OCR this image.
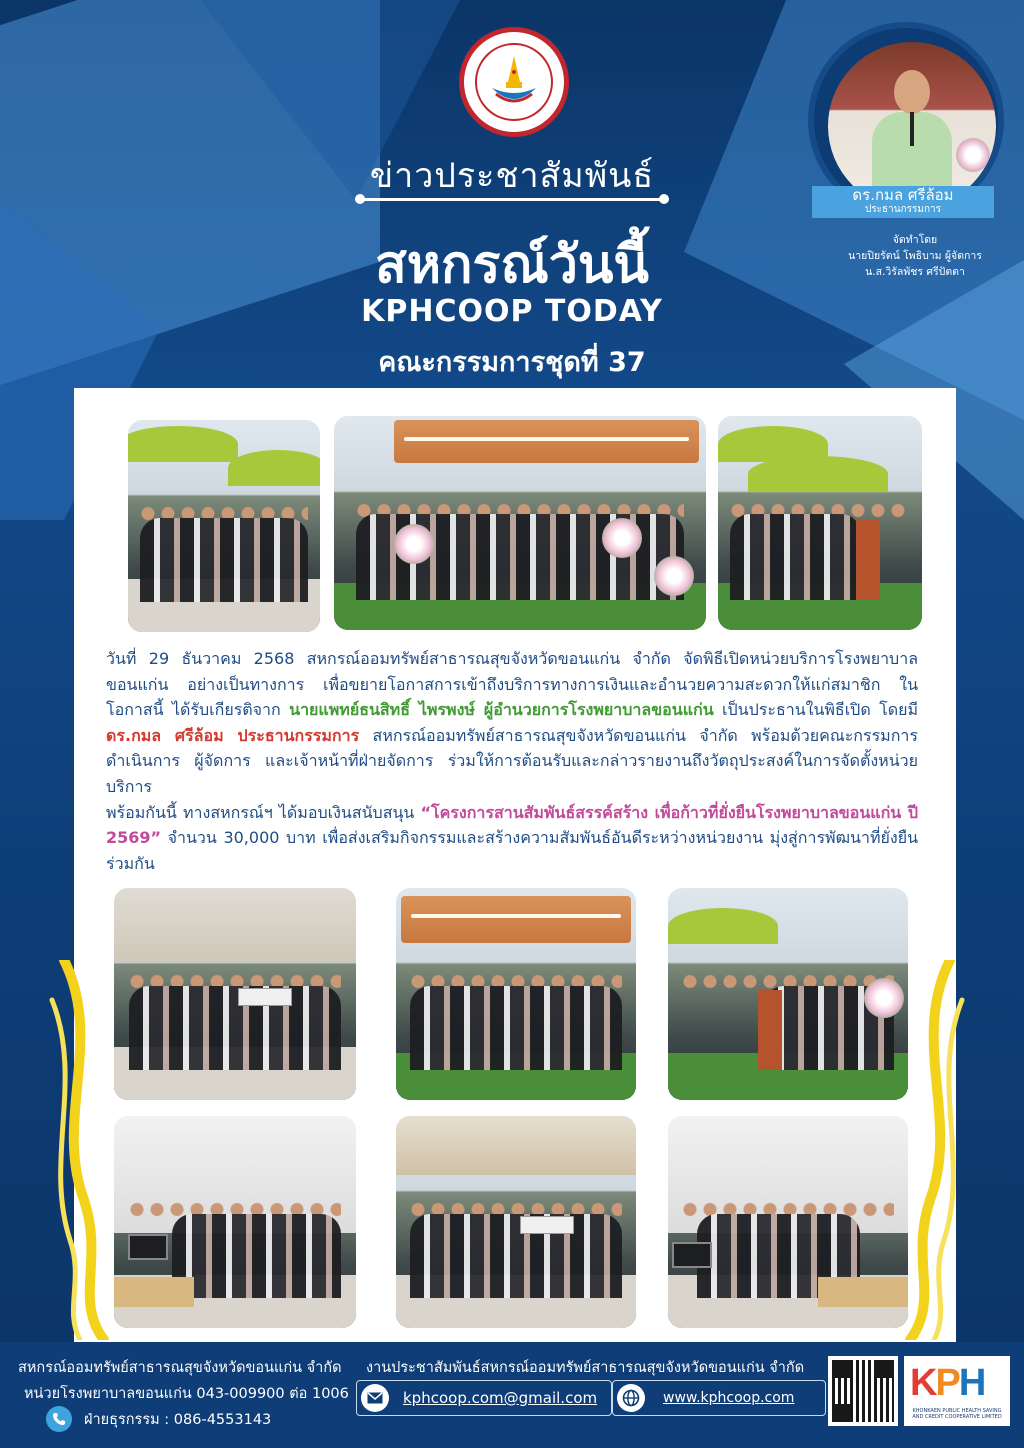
ข่าวประชาสัมพันธ์
สหกรณ์วันนี้
KPHCOOP TODAY
คณะกรรมการชุดที่ 37
ดร.กมล ศรีล้อม
ประธานกรรมการ
จัดทำโดย
นายปิยรัตน์ โพธิบาม ผู้จัดการ
น.ส.วิรัลพัชร ศรีปัตตา

วันที่ 29 ธันวาคม 2568 สหกรณ์ออมทรัพย์สาธารณสุขจังหวัดขอนแก่น จำกัด จัดพิธีเปิดหน่วยบริการโรงพยาบาลขอนแก่น อย่างเป็นทางการ เพื่อขยายโอกาสการเข้าถึงบริการทางการเงินและอำนวยความสะดวกให้แก่สมาชิก ในโอกาสนี้ ได้รับเกียรติจาก นายแพทย์ธนสิทธิ์ ไพรพงษ์ ผู้อำนวยการโรงพยาบาลขอนแก่น เป็นประธานในพิธีเปิด โดยมี ดร.กมล ศรีล้อม ประธานกรรมการ สหกรณ์ออมทรัพย์สาธารณสุขจังหวัดขอนแก่น จำกัด พร้อมด้วยคณะกรรมการดำเนินการ ผู้จัดการ และเจ้าหน้าที่ฝ่ายจัดการ ร่วมให้การต้อนรับและกล่าวรายงานถึงวัตถุประสงค์ในการจัดตั้งหน่วยบริการ

พร้อมกันนี้ ทางสหกรณ์ฯ ได้มอบเงินสนับสนุน “โครงการสานสัมพันธ์สรรค์สร้าง เพื่อก้าวที่ยั่งยืนโรงพยาบาลขอนแก่น ปี 2569” จำนวน 30,000 บาท เพื่อส่งเสริมกิจกรรมและสร้างความสัมพันธ์อันดีระหว่างหน่วยงาน มุ่งสู่การพัฒนาที่ยั่งยืนร่วมกัน

สหกรณ์ออมทรัพย์สาธารณสุขจังหวัดขอนแก่น จำกัด งานประชาสัมพันธ์สหกรณ์ออมทรัพย์สาธารณสุขจังหวัดขอนแก่น จำกัด
หน่วยโรงพยาบาลขอนแก่น 043-009900 ต่อ 1006
ฝ่ายธุรกรรม : 086-4553143
kphcoop.com@gmail.com	www.kphcoop.com	KPH
KHONKAEN PUBLIC HEALTH SAVING AND CREDIT COOPERATIVE LIMITED
